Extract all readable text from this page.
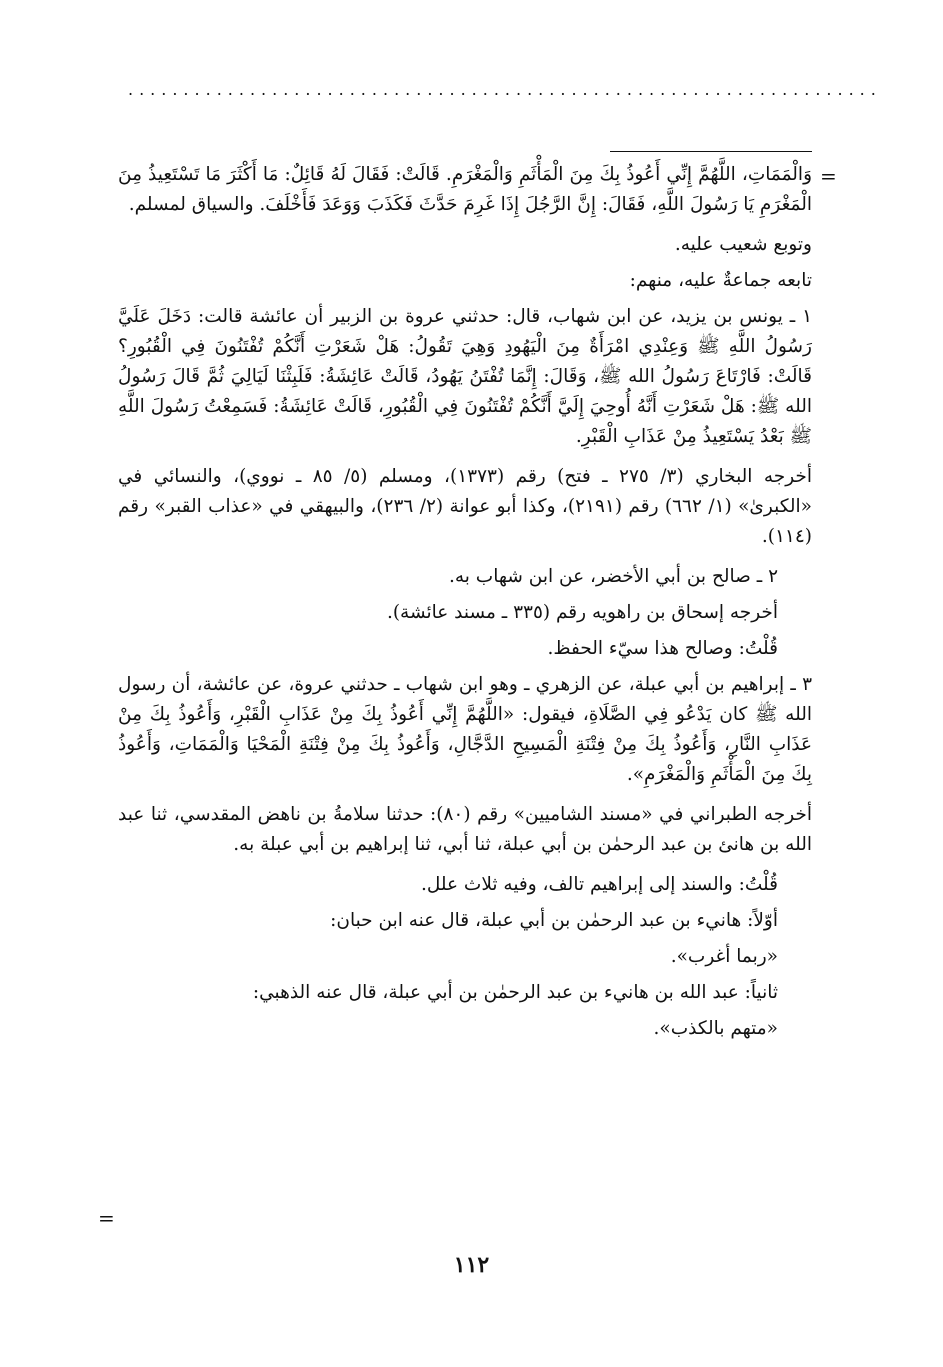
....................................................................
=

وَالْمَمَاتِ، اللَّهُمَّ إِنِّي أَعُوذُ بِكَ مِنَ الْمَأْثَمِ وَالْمَغْرَمِ. قَالَتْ: فَقَالَ لَهُ قَائِلٌ: مَا أَكْثَرَ مَا تَسْتَعِيذُ مِنَ الْمَغْرَمِ يَا رَسُولَ اللَّهِ، فَقَالَ: إِنَّ الرَّجُلَ إِذَا غَرِمَ حَدَّثَ فَكَذَبَ وَوَعَدَ فَأَخْلَفَ. والسياق لمسلم.

وتوبع شعيب عليه.

تابعه جماعةٌ عليه، منهم:

١ ـ يونس بن يزيد، عن ابن شهاب، قال: حدثني عروة بن الزبير أن عائشة قالت: دَخَلَ عَلَيَّ رَسُولُ اللَّهِ ﷺ وَعِنْدِي امْرَأَةٌ مِنَ الْيَهُودِ وَهِيَ تَقُولُ: هَلْ شَعَرْتِ أَنَّكُمْ تُفْتَنُونَ فِي الْقُبُورِ؟ قَالَتْ: فَارْتَاعَ رَسُولُ الله ﷺ، وَقَالَ: إِنَّمَا تُفْتَنُ يَهُودُ، قَالَتْ عَائِشَةُ: فَلَبِثْنَا لَيَالِيَ ثُمَّ قَالَ رَسُولُ الله ﷺ: هَلْ شَعَرْتِ أَنَّهُ أُوحِيَ إِلَيَّ أَنَّكُمْ تُفْتَنُونَ فِي الْقُبُورِ، قَالَتْ عَائِشَةُ: فَسَمِعْتُ رَسُولَ اللَّهِ ﷺ بَعْدُ يَسْتَعِيذُ مِنْ عَذَابِ الْقَبْرِ.

أخرجه البخاري (٣/ ٢٧٥ ـ فتح) رقم (١٣٧٣)، ومسلم (٥/ ٨٥ ـ نووي)، والنسائي في «الكبرىٰ» (١/ ٦٦٢) رقم (٢١٩١)، وكذا أبو عوانة (٢/ ٢٣٦)، والبيهقي في «عذاب القبر» رقم (١١٤).

٢ ـ صالح بن أبي الأخضر، عن ابن شهاب به.

أخرجه إسحاق بن راهويه رقم (٣٣٥ ـ مسند عائشة).

قُلْتُ: وصالح هذا سيّء الحفظ.

٣ ـ إبراهيم بن أبي عبلة، عن الزهري ـ وهو ابن شهاب ـ حدثني عروة، عن عائشة، أن رسول الله ﷺ كان يَدْعُو فِي الصَّلَاةِ، فيقول: «اللَّهُمَّ إِنِّي أَعُوذُ بِكَ مِنْ عَذَابِ الْقَبْرِ، وَأَعُوذُ بِكَ مِنْ عَذَابِ النَّارِ، وَأَعُوذُ بِكَ مِنْ فِتْنَةِ الْمَسِيحِ الدَّجَّالِ، وَأَعُوذُ بِكَ مِنْ فِتْنَةِ الْمَحْيَا وَالْمَمَاتِ، وَأَعُوذُ بِكَ مِنَ الْمَأْثَمِ وَالْمَغْرَمِ».

أخرجه الطبراني في «مسند الشاميين» رقم (٨٠): حدثنا سلامةُ بن ناهض المقدسي، ثنا عبد الله بن هانئ بن عبد الرحمٰن بن أبي عبلة، ثنا أبي، ثنا إبراهيم بن أبي عبلة به.

قُلْتُ: والسند إلى إبراهيم تالف، وفيه ثلاث علل.

أوّلاً: هانيء بن عبد الرحمٰن بن أبي عبلة، قال عنه ابن حبان:

«ربما أغرب».

ثانياً: عبد الله بن هانيء بن عبد الرحمٰن بن أبي عبلة، قال عنه الذهبي:

«متهم بالكذب».

=
١١٢
